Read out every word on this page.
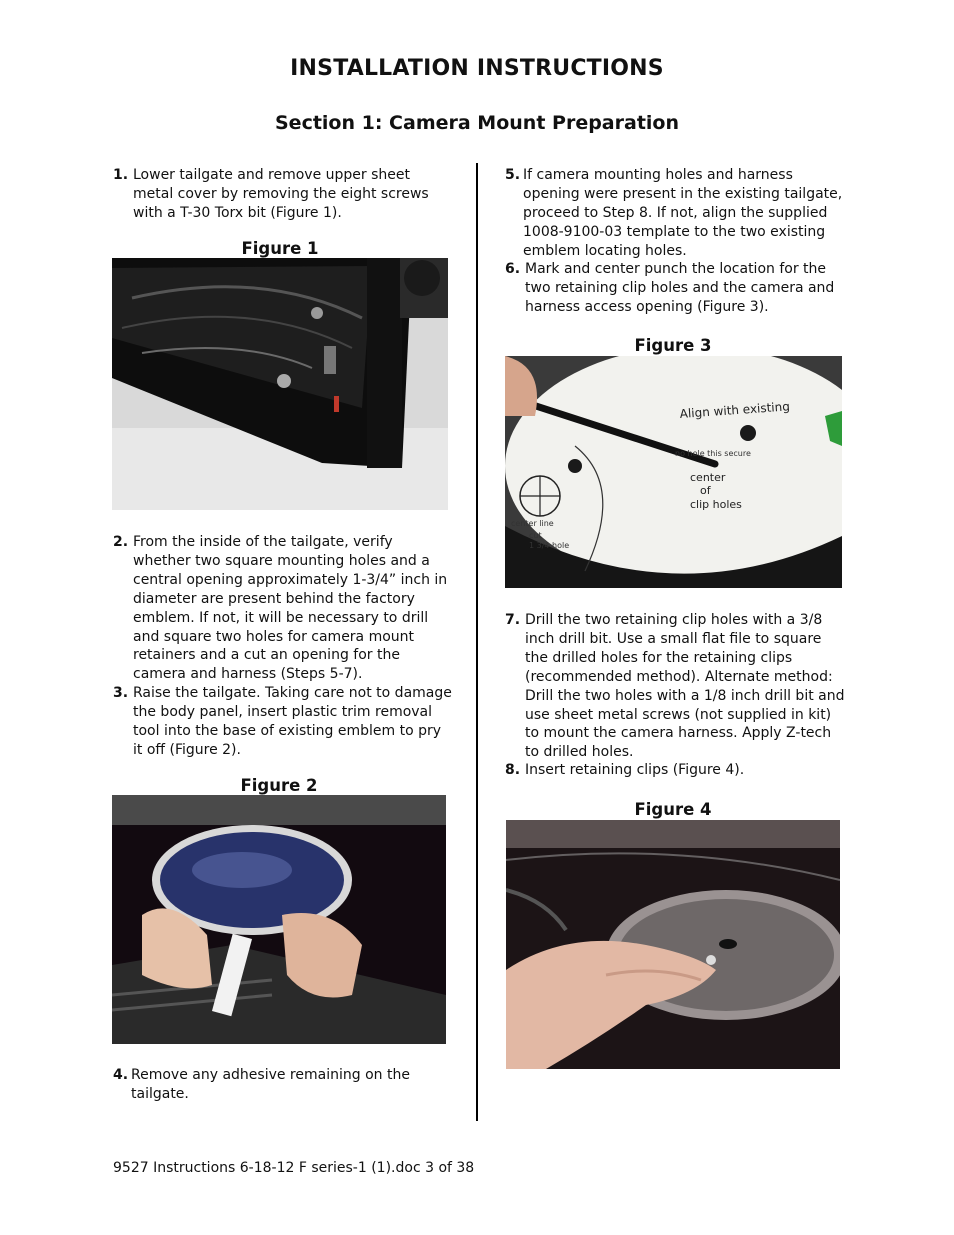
INSTALLATION INSTRUCTIONS
Section 1: Camera Mount Preparation
1. Lower tailgate and remove upper sheet metal cover by removing the eight screws with a T-30 Torx bit (Figure 1).
Figure 1
2. From the inside of the tailgate, verify whether two square mounting holes and a central opening approximately 1-3/4” inch in diameter are present behind the factory emblem. If not, it will be necessary to drill and square two holes for camera mount retainers and a cut an opening for the camera and harness (Steps 5-7).
3. Raise the tailgate. Taking care not to damage the body panel, insert plastic trim removal tool into the base of existing emblem to pry it off (Figure 2).
Figure 2
4. Remove any adhesive remaining on the tailgate.
5. If camera mounting holes and harness opening were present in the existing tailgate, proceed to Step 8. If not, align the supplied 1008-9100-03 template to the two existing emblem locating holes.
6. Mark and center punch the location for the two retaining clip holes and the camera and harness access opening (Figure 3).
Figure 3
Align with existing
no hole this secure
center
of
clip holes
center line
cut
1 3/4 hole
7. Drill the two retaining clip holes with a 3/8 inch drill bit. Use a small flat file to square the drilled holes for the retaining clips (recommended method). Alternate method: Drill the two holes with a 1/8 inch drill bit and use sheet metal screws (not supplied in kit) to mount the camera harness. Apply Z-tech to drilled holes.
8. Insert retaining clips (Figure 4).
Figure 4
9527 Instructions 6-18-12 F series-1 (1).doc 3 of 38
